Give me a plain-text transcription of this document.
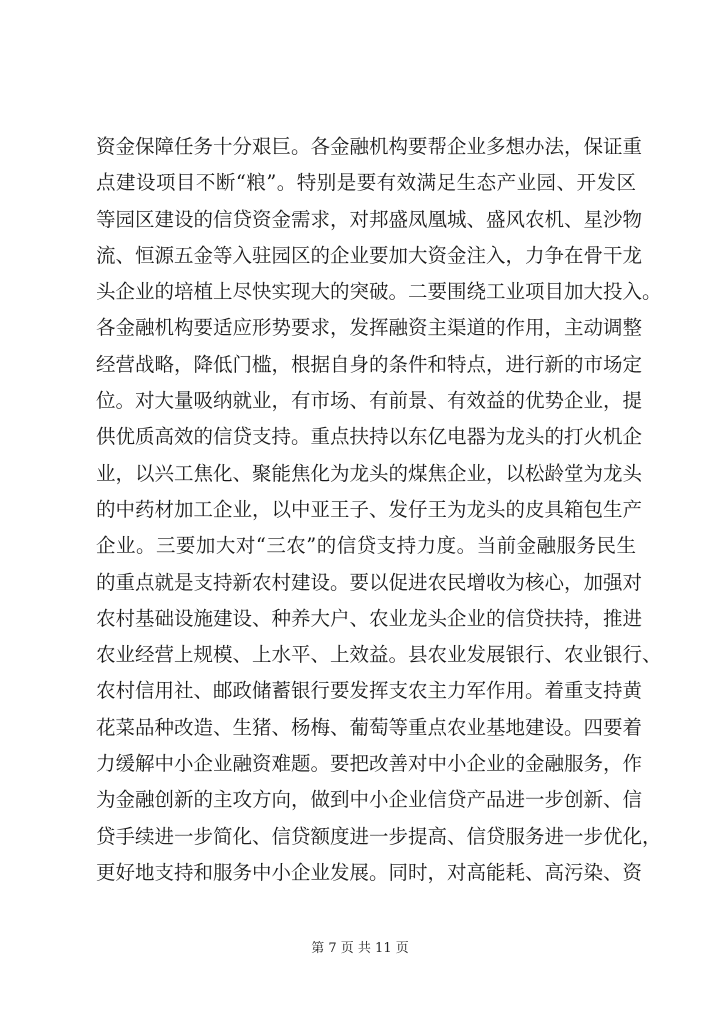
资金保障任务十分艰巨。各金融机构要帮企业多想办法，保证重
点建设项目不断“粮”。特别是要有效满足生态产业园、开发区
等园区建设的信贷资金需求，对邦盛凤凰城、盛风农机、星沙物
流、恒源五金等入驻园区的企业要加大资金注入，力争在骨干龙
头企业的培植上尽快实现大的突破。二要围绕工业项目加大投入。
各金融机构要适应形势要求，发挥融资主渠道的作用，主动调整
经营战略，降低门槛，根据自身的条件和特点，进行新的市场定
位。对大量吸纳就业，有市场、有前景、有效益的优势企业，提
供优质高效的信贷支持。重点扶持以东亿电器为龙头的打火机企
业，以兴工焦化、聚能焦化为龙头的煤焦企业，以松龄堂为龙头
的中药材加工企业，以中亚王子、发仔王为龙头的皮具箱包生产
企业。三要加大对“三农”的信贷支持力度。当前金融服务民生
的重点就是支持新农村建设。要以促进农民增收为核心，加强对
农村基础设施建设、种养大户、农业龙头企业的信贷扶持，推进
农业经营上规模、上水平、上效益。县农业发展银行、农业银行、
农村信用社、邮政储蓄银行要发挥支农主力军作用。着重支持黄
花菜品种改造、生猪、杨梅、葡萄等重点农业基地建设。四要着
力缓解中小企业融资难题。要把改善对中小企业的金融服务，作
为金融创新的主攻方向，做到中小企业信贷产品进一步创新、信
贷手续进一步简化、信贷额度进一步提高、信贷服务进一步优化，
更好地支持和服务中小企业发展。同时，对高能耗、高污染、资
第 7 页 共 11 页
